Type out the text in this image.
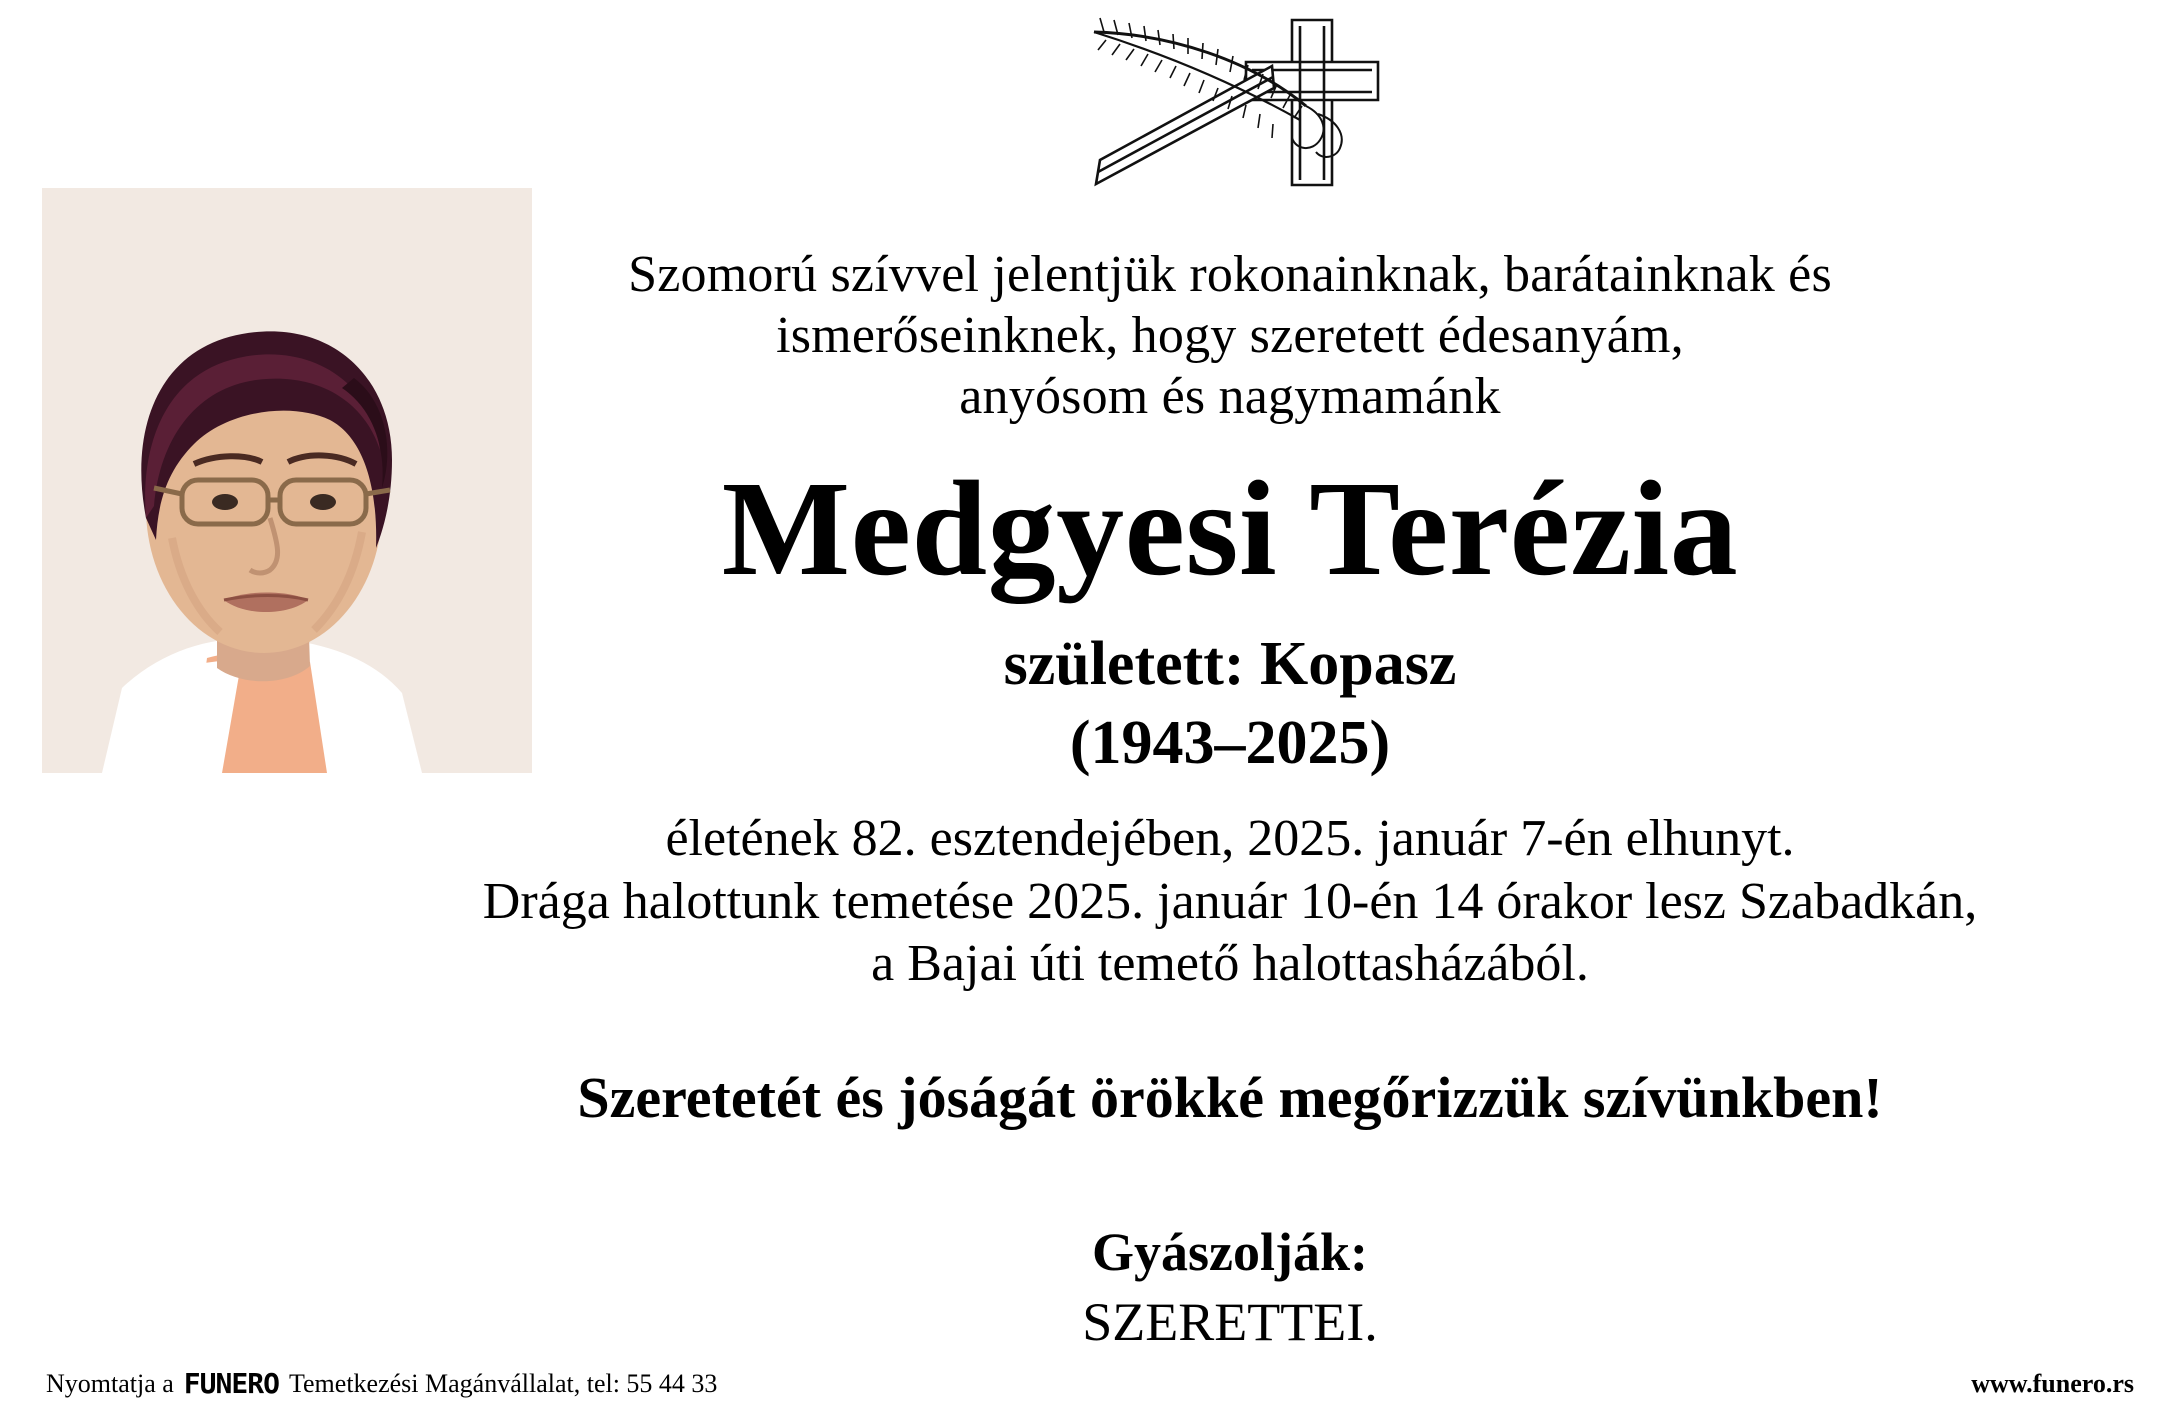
Szomorú szívvel jelentjük rokonainknak, barátainknak és
ismerőseinknek, hogy szeretett édesanyám,
anyósom és nagymamánk
Medgyesi Terézia
született: Kopasz
(1943–2025)
életének 82. esztendejében, 2025. január 7-én elhunyt.
Drága halottunk temetése 2025. január 10-én 14 órakor lesz Szabadkán,
a Bajai úti temető halottasházából.
Szeretetét és jóságát örökké megőrizzük szívünkben!
Gyászolják:
SZERETTEI.
Nyomtatja a FUNERO Temetkezési Magánvállalat, tel: 55 44 33	www.funero.rs
